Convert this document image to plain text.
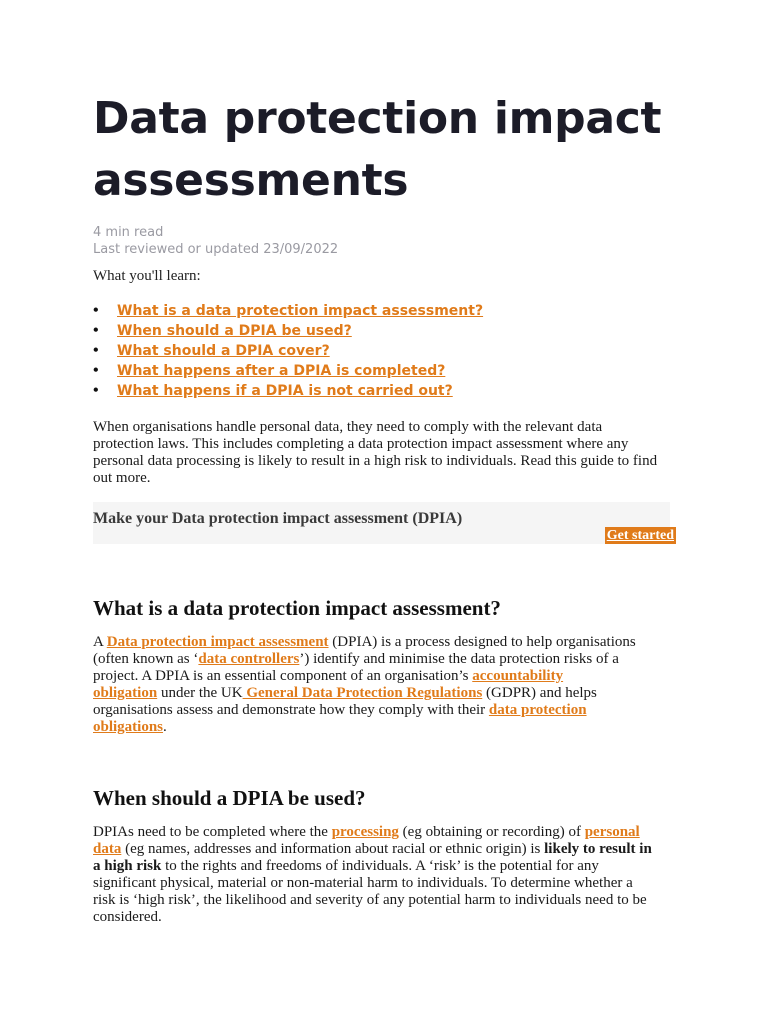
Data protection impact assessments
4 min read
Last reviewed or updated 23/09/2022
What you'll learn:
•	What is a data protection impact assessment?
•	When should a DPIA be used?
•	What should a DPIA cover?
•	What happens after a DPIA is completed?
•	What happens if a DPIA is not carried out?
When organisations handle personal data, they need to comply with the relevant data
protection laws. This includes completing a data protection impact assessment where any
personal data processing is likely to result in a high risk to individuals. Read this guide to find
out more.
Make your Data protection impact assessment (DPIA)
Get started
What is a data protection impact assessment?
A Data protection impact assessment (DPIA) is a process designed to help organisations
(often known as ‘data controllers’) identify and minimise the data protection risks of a
project. A DPIA is an essential component of an organisation’s accountability
obligation under the UK General Data Protection Regulations (GDPR) and helps
organisations assess and demonstrate how they comply with their data protection
obligations.
When should a DPIA be used?
DPIAs need to be completed where the processing (eg obtaining or recording) of personal
data (eg names, addresses and information about racial or ethnic origin) is likely to result in
a high risk to the rights and freedoms of individuals. A ‘risk’ is the potential for any
significant physical, material or non-material harm to individuals. To determine whether a
risk is ‘high risk’, the likelihood and severity of any potential harm to individuals need to be
considered.
